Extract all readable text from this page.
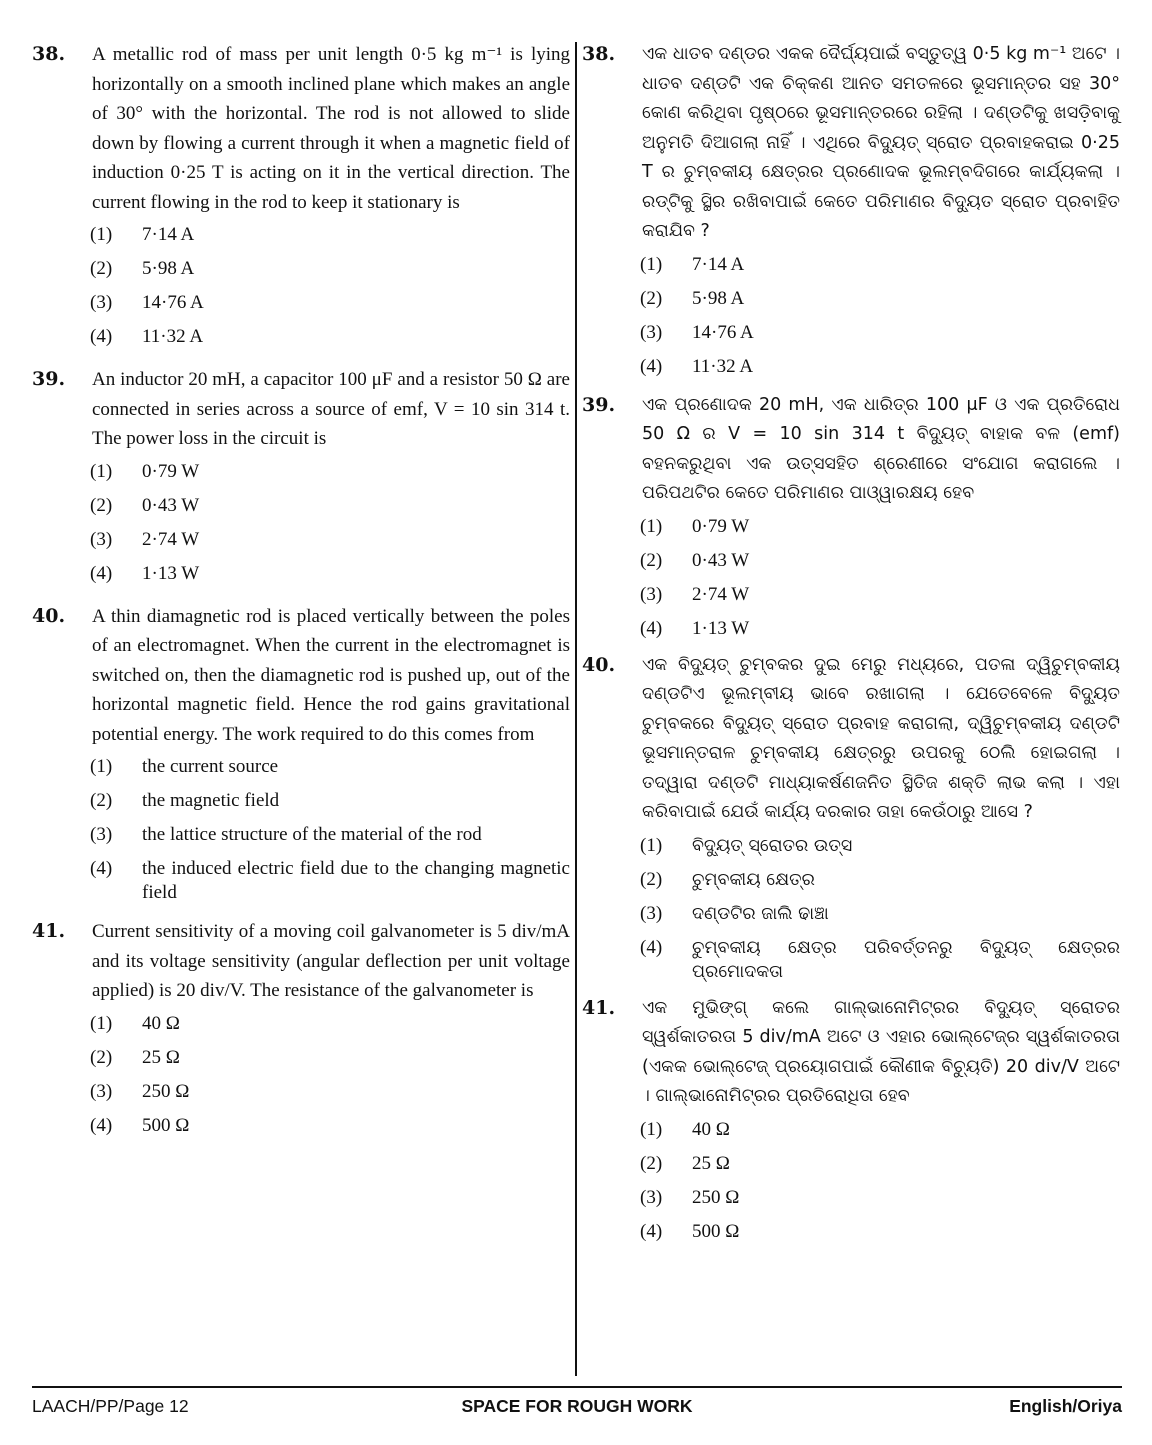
38. A metallic rod of mass per unit length 0·5 kg m⁻¹ is lying horizontally on a smooth inclined plane which makes an angle of 30° with the horizontal. The rod is not allowed to slide down by flowing a current through it when a magnetic field of induction 0·25 T is acting on it in the vertical direction. The current flowing in the rod to keep it stationary is
(1)	7·14 A
(2)	5·98 A
(3)	14·76 A
(4)	11·32 A
39. An inductor 20 mH, a capacitor 100 μF and a resistor 50 Ω are connected in series across a source of emf, V = 10 sin 314 t. The power loss in the circuit is
(1)	0·79 W
(2)	0·43 W
(3)	2·74 W
(4)	1·13 W
40. A thin diamagnetic rod is placed vertically between the poles of an electromagnet. When the current in the electromagnet is switched on, then the diamagnetic rod is pushed up, out of the horizontal magnetic field. Hence the rod gains gravitational potential energy. The work required to do this comes from
(1)	the current source
(2)	the magnetic field
(3)	the lattice structure of the material of the rod
(4)	the induced electric field due to the changing magnetic field
41. Current sensitivity of a moving coil galvanometer is 5 div/mA and its voltage sensitivity (angular deflection per unit voltage applied) is 20 div/V. The resistance of the galvanometer is
(1)	40 Ω
(2)	25 Ω
(3)	250 Ω
(4)	500 Ω
38. ଏକ ଧାତବ ଦଣ୍ଡର ଏକକ ଦୈର୍ଘ୍ୟପାଇଁ ବସ୍ତୁତ୍ୱ 0·5 kg m⁻¹ ଅଟେ । ଧାତବ ଦଣ୍ଡଟି ଏକ ଚିକ୍‌କଣ ଆନତ ସମତଳରେ ଭୂସମାନ୍ତର ସହ 30° କୋଣ କରିଥିବା ପୃଷ୍ଠରେ ଭୂସମାନ୍ତରରେ ରହିଲା । ଦଣ୍ଡଟିକୁ ଖସଡ଼ିବାକୁ ଅନୁମତି ଦିଆଗଲା ନାହିଁ । ଏଥିରେ ବିଦ୍ୟୁତ୍ ସ୍ରୋତ ପ୍ରବାହକରାଇ 0·25 T ର ଚୁମ୍ବକୀୟ କ୍ଷେତ୍ରର ପ୍ରଣୋଦକ ଭୂଲମ୍ବଦିଗରେ କାର୍ଯ୍ୟକଲା । ରଡ୍‌ଟିକୁ ସ୍ଥିର ରଖିବାପାଇଁ କେତେ ପରିମାଣର ବିଦ୍ୟୁତ ସ୍ରୋତ ପ୍ରବାହିତ କରାଯିବ ?
(1)	7·14 A
(2)	5·98 A
(3)	14·76 A
(4)	11·32 A
39. ଏକ ପ୍ରଣୋଦକ 20 mH, ଏକ ଧାରିତ୍ର 100 μF ଓ ଏକ ପ୍ରତିରୋଧ 50 Ω ର V = 10 sin 314 t ବିଦ୍ୟୁତ୍ ବାହାକ ବଳ (emf) ବହନକରୁଥିବା ଏକ ଉତ୍ସସହିତ ଶ୍ରେଣୀରେ ସଂଯୋଗ କରାଗଲେ । ପରିପଥଟିର କେତେ ପରିମାଣର ପାଓ୍ୱାରକ୍ଷୟ ହେବ
(1)	0·79 W
(2)	0·43 W
(3)	2·74 W
(4)	1·13 W
40. ଏକ ବିଦ୍ୟୁତ୍ ଚୁମ୍ବକର ଦୁଇ ମେରୁ ମଧ୍ୟରେ, ପତଳା ଦ୍ୱିଚୁମ୍ବକୀୟ ଦଣ୍ଡଟିଏ ଭୂଲମ୍ବୀୟ ଭାବେ ରଖାଗଲା । ଯେତେବେଳେ ବିଦ୍ୟୁତ ଚୁମ୍ବକରେ ବିଦ୍ୟୁତ୍ ସ୍ରୋତ ପ୍ରବାହ କରାଗଲା, ଦ୍ୱିଚୁମ୍ବକୀୟ ଦଣ୍ଡଟି ଭୂସମାନ୍ତରାଳ ଚୁମ୍ବକୀୟ କ୍ଷେତ୍ରରୁ ଉପରକୁ ଠେଲି ହୋଇଗଲା । ତଦ୍ୱାରା ଦଣ୍ଡଟି ମାଧ୍ୟାକର୍ଷଣଜନିତ ସ୍ଥିତିଜ ଶକ୍ତି ଲାଭ କଲା । ଏହା କରିବାପାଇଁ ଯେଉଁ କାର୍ଯ୍ୟ ଦରକାର ତାହା କେଉଁଠାରୁ ଆସେ ?
(1)	ବିଦ୍ୟୁତ୍ ସ୍ରୋତର ଉତ୍ସ
(2)	ଚୁମ୍ବକୀୟ କ୍ଷେତ୍ର
(3)	ଦଣ୍ଡଟିର ଜାଲି ଢାଞ୍ଚା
(4)	ଚୁମ୍ବକୀୟ କ୍ଷେତ୍ର ପରିବର୍ତ୍ତନରୁ ବିଦ୍ୟୁତ୍ କ୍ଷେତ୍ରର ପ୍ରମୋଦକତା
41. ଏକ ମୁଭିଙ୍ଗ୍ କଲେ ଗାଲ୍‌ଭାନୋମିଟ୍‌ରର ବିଦ୍ୟୁତ୍ ସ୍ରୋତର ସ୍ୱର୍ଶକାତରତା 5 div/mA ଅଟେ ଓ ଏହାର ଭୋଲ୍‌ଟେଜ୍‌ର ସ୍ୱର୍ଶକାତରତା (ଏକକ ଭୋଲ୍‌ଟେଜ୍ ପ୍ରୟୋଗପାଇଁ କୌଣୀକ ବିଚ୍ୟୁତି) 20 div/V ଅଟେ । ଗାଲ୍‌ଭାନୋମିଟ୍‌ରର ପ୍ରତିରୋଧିତା ହେବ
(1)	40 Ω
(2)	25 Ω
(3)	250 Ω
(4)	500 Ω
LAACH/PP/Page 12	SPACE FOR ROUGH WORK	English/Oriya
